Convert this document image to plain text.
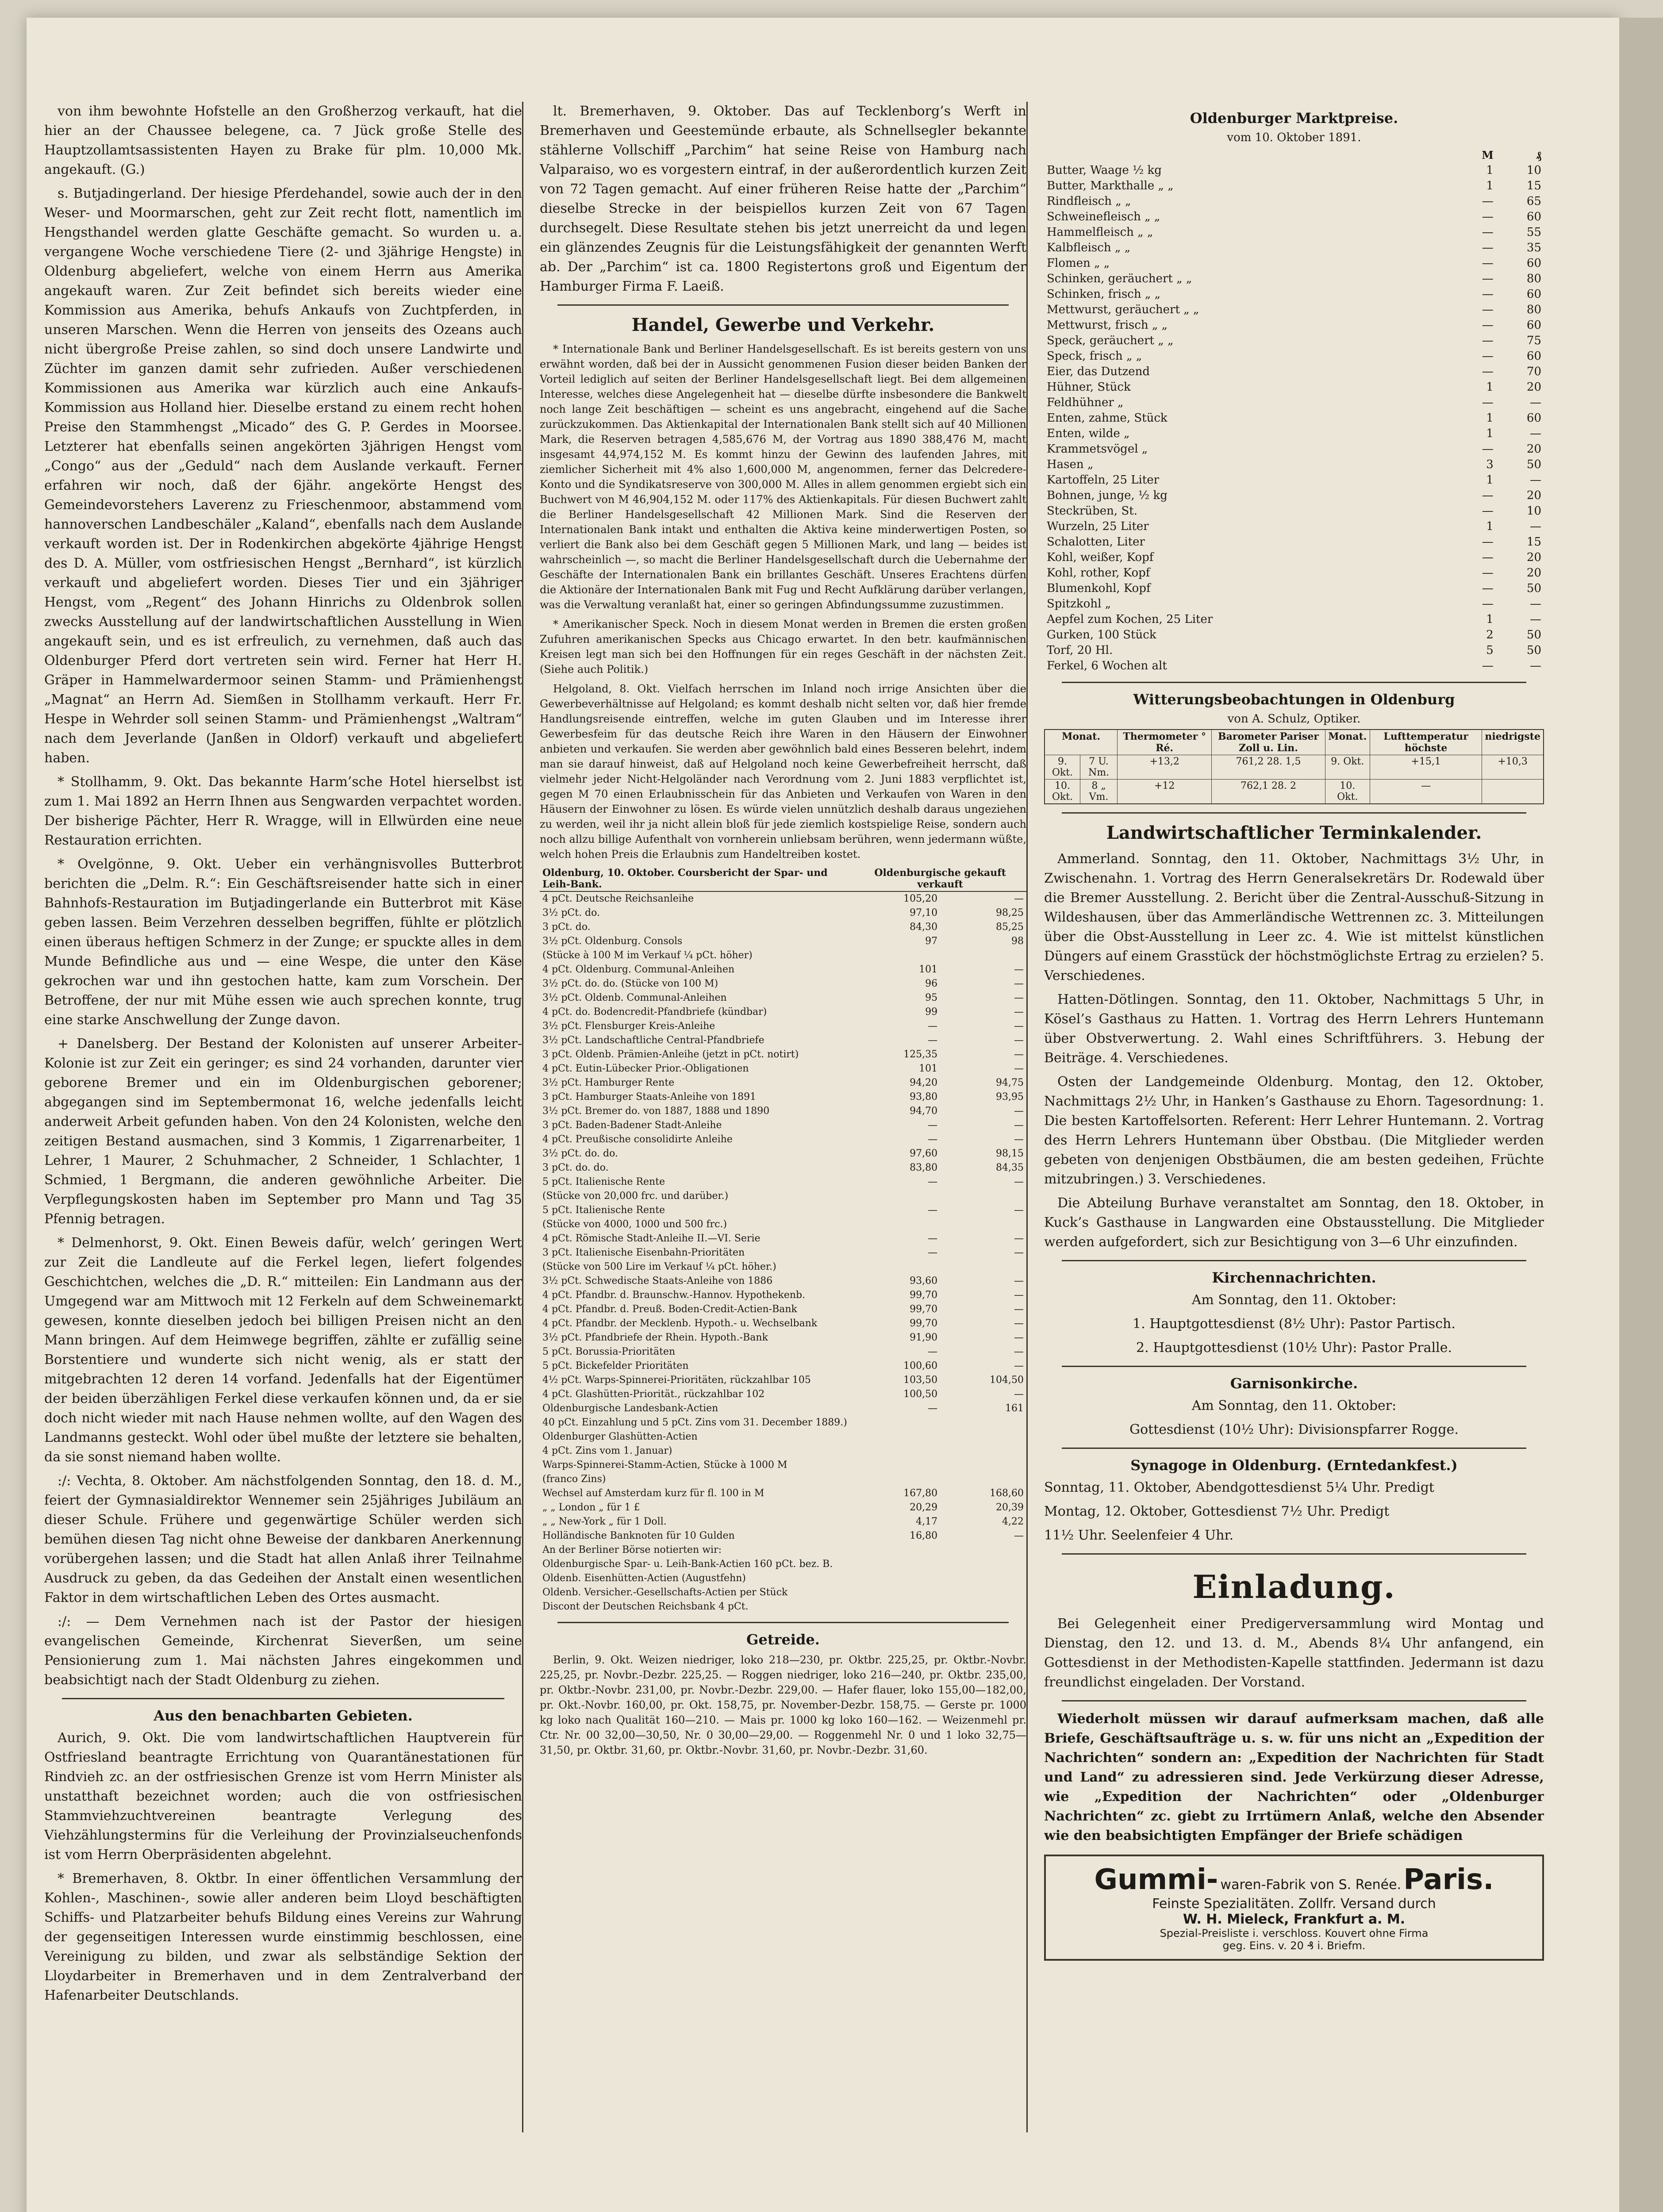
von ihm bewohnte Hofstelle an den Großherzog verkauft, hat die hier an der Chaussee belegene, ca. 7 Jück große Stelle des Hauptzollamtsassistenten Hayen zu Brake für plm. 10,000 Mk. angekauft. (G.)

s. Butjadingerland. Der hiesige Pferdehandel, sowie auch der in den Weser- und Moormarschen, geht zur Zeit recht flott, namentlich im Hengsthandel werden glatte Geschäfte gemacht. So wurden u. a. vergangene Woche verschiedene Tiere (2- und 3jährige Hengste) in Oldenburg abgeliefert, welche von einem Herrn aus Amerika angekauft waren. Zur Zeit befindet sich bereits wieder eine Kommission aus Amerika, behufs Ankaufs von Zuchtpferden, in unseren Marschen. Wenn die Herren von jenseits des Ozeans auch nicht übergroße Preise zahlen, so sind doch unsere Landwirte und Züchter im ganzen damit sehr zufrieden. Außer verschiedenen Kommissionen aus Amerika war kürzlich auch eine Ankaufs-Kommission aus Holland hier. Dieselbe erstand zu einem recht hohen Preise den Stammhengst „Micado“ des G. P. Gerdes in Moorsee. Letzterer hat ebenfalls seinen angekörten 3jährigen Hengst vom „Congo“ aus der „Geduld“ nach dem Auslande verkauft. Ferner erfahren wir noch, daß der 6jähr. angekörte Hengst des Gemeindevorstehers Laverenz zu Frieschenmoor, abstammend vom hannoverschen Landbeschäler „Kaland“, ebenfalls nach dem Auslande verkauft worden ist. Der in Rodenkirchen abgekörte 4jährige Hengst des D. A. Müller, vom ostfriesischen Hengst „Bernhard“, ist kürzlich verkauft und abgeliefert worden. Dieses Tier und ein 3jähriger Hengst, vom „Regent“ des Johann Hinrichs zu Oldenbrok sollen zwecks Ausstellung auf der landwirtschaftlichen Ausstellung in Wien angekauft sein, und es ist erfreulich, zu vernehmen, daß auch das Oldenburger Pferd dort vertreten sein wird. Ferner hat Herr H. Gräper in Hammelwardermoor seinen Stamm- und Prämienhengst „Magnat“ an Herrn Ad. Siemßen in Stollhamm verkauft. Herr Fr. Hespe in Wehrder soll seinen Stamm- und Prämienhengst „Waltram“ nach dem Jeverlande (Janßen in Oldorf) verkauft und abgeliefert haben.

* Stollhamm, 9. Okt. Das bekannte Harm’sche Hotel hierselbst ist zum 1. Mai 1892 an Herrn Ihnen aus Sengwarden verpachtet worden. Der bisherige Pächter, Herr R. Wragge, will in Ellwürden eine neue Restauration errichten.

* Ovelgönne, 9. Okt. Ueber ein verhängnisvolles Butterbrot berichten die „Delm. R.“: Ein Geschäftsreisender hatte sich in einer Bahnhofs-Restauration im Butjadingerlande ein Butterbrot mit Käse geben lassen. Beim Verzehren desselben begriffen, fühlte er plötzlich einen überaus heftigen Schmerz in der Zunge; er spuckte alles in dem Munde Befindliche aus und — eine Wespe, die unter den Käse gekrochen war und ihn gestochen hatte, kam zum Vorschein. Der Betroffene, der nur mit Mühe essen wie auch sprechen konnte, trug eine starke Anschwellung der Zunge davon.

+ Danelsberg. Der Bestand der Kolonisten auf unserer Arbeiter-Kolonie ist zur Zeit ein geringer; es sind 24 vorhanden, darunter vier geborene Bremer und ein im Oldenburgischen geborener; abgegangen sind im Septembermonat 16, welche jedenfalls leicht anderweit Arbeit gefunden haben. Von den 24 Kolonisten, welche den zeitigen Bestand ausmachen, sind 3 Kommis, 1 Zigarrenarbeiter, 1 Lehrer, 1 Maurer, 2 Schuhmacher, 2 Schneider, 1 Schlachter, 1 Schmied, 1 Bergmann, die anderen gewöhnliche Arbeiter. Die Verpflegungskosten haben im September pro Mann und Tag 35 Pfennig betragen.

* Delmenhorst, 9. Okt. Einen Beweis dafür, welch’ geringen Wert zur Zeit die Landleute auf die Ferkel legen, liefert folgendes Geschichtchen, welches die „D. R.“ mitteilen: Ein Landmann aus der Umgegend war am Mittwoch mit 12 Ferkeln auf dem Schweinemarkt gewesen, konnte dieselben jedoch bei billigen Preisen nicht an den Mann bringen. Auf dem Heimwege begriffen, zählte er zufällig seine Borstentiere und wunderte sich nicht wenig, als er statt der mitgebrachten 12 deren 14 vorfand. Jedenfalls hat der Eigentümer der beiden überzähligen Ferkel diese verkaufen können und, da er sie doch nicht wieder mit nach Hause nehmen wollte, auf den Wagen des Landmanns gesteckt. Wohl oder übel mußte der letztere sie behalten, da sie sonst niemand haben wollte.

:/: Vechta, 8. Oktober. Am nächstfolgenden Sonntag, den 18. d. M., feiert der Gymnasialdirektor Wennemer sein 25jähriges Jubiläum an dieser Schule. Frühere und gegenwärtige Schüler werden sich bemühen diesen Tag nicht ohne Beweise der dankbaren Anerkennung vorübergehen lassen; und die Stadt hat allen Anlaß ihrer Teilnahme Ausdruck zu geben, da das Gedeihen der Anstalt einen wesentlichen Faktor in dem wirtschaftlichen Leben des Ortes ausmacht.

:/: — Dem Vernehmen nach ist der Pastor der hiesigen evangelischen Gemeinde, Kirchenrat Sieverßen, um seine Pensionierung zum 1. Mai nächsten Jahres eingekommen und beabsichtigt nach der Stadt Oldenburg zu ziehen.

Aus den benachbarten Gebieten.

Aurich, 9. Okt. Die vom landwirtschaftlichen Hauptverein für Ostfriesland beantragte Errichtung von Quarantänestationen für Rindvieh zc. an der ostfriesischen Grenze ist vom Herrn Minister als unstatthaft bezeichnet worden; auch die von ostfriesischen Stammviehzuchtvereinen beantragte Verlegung des Viehzählungstermins für die Verleihung der Provinzialseuchenfonds ist vom Herrn Oberpräsidenten abgelehnt.

* Bremerhaven, 8. Oktbr. In einer öffentlichen Versammlung der Kohlen-, Maschinen-, sowie aller anderen beim Lloyd beschäftigten Schiffs- und Platzarbeiter behufs Bildung eines Vereins zur Wahrung der gegenseitigen Interessen wurde einstimmig beschlossen, eine Vereinigung zu bilden, und zwar als selbständige Sektion der Lloydarbeiter in Bremerhaven und in dem Zentralverband der Hafenarbeiter Deutschlands.

lt. Bremerhaven, 9. Oktober. Das auf Tecklenborg’s Werft in Bremerhaven und Geestemünde erbaute, als Schnellsegler bekannte stählerne Vollschiff „Parchim“ hat seine Reise von Hamburg nach Valparaiso, wo es vorgestern eintraf, in der außerordentlich kurzen Zeit von 72 Tagen gemacht. Auf einer früheren Reise hatte der „Parchim“ dieselbe Strecke in der beispiellos kurzen Zeit von 67 Tagen durchsegelt. Diese Resultate stehen bis jetzt unerreicht da und legen ein glänzendes Zeugnis für die Leistungsfähigkeit der genannten Werft ab. Der „Parchim“ ist ca. 1800 Registertons groß und Eigentum der Hamburger Firma F. Laeiß.

Handel, Gewerbe und Verkehr.

* Internationale Bank und Berliner Handelsgesellschaft. Es ist bereits gestern von uns erwähnt worden, daß bei der in Aussicht genommenen Fusion dieser beiden Banken der Vorteil lediglich auf seiten der Berliner Handelsgesellschaft liegt. Bei dem allgemeinen Interesse, welches diese Angelegenheit hat — dieselbe dürfte insbesondere die Bankwelt noch lange Zeit beschäftigen — scheint es uns angebracht, eingehend auf die Sache zurückzukommen. Das Aktienkapital der Internationalen Bank stellt sich auf 40 Millionen Mark, die Reserven betragen 4,585,676 M, der Vortrag aus 1890 388,476 M, macht insgesamt 44,974,152 M. Es kommt hinzu der Gewinn des laufenden Jahres, mit ziemlicher Sicherheit mit 4% also 1,600,000 M, angenommen, ferner das Delcredere-Konto und die Syndikatsreserve von 300,000 M. Alles in allem genommen ergiebt sich ein Buchwert von M 46,904,152 M. oder 117% des Aktienkapitals. Für diesen Buchwert zahlt die Berliner Handelsgesellschaft 42 Millionen Mark. Sind die Reserven der Internationalen Bank intakt und enthalten die Aktiva keine minderwertigen Posten, so verliert die Bank also bei dem Geschäft gegen 5 Millionen Mark, und lang — beides ist wahrscheinlich —, so macht die Berliner Handelsgesellschaft durch die Uebernahme der Geschäfte der Internationalen Bank ein brillantes Geschäft. Unseres Erachtens dürfen die Aktionäre der Internationalen Bank mit Fug und Recht Aufklärung darüber verlangen, was die Verwaltung veranlaßt hat, einer so geringen Abfindungssumme zuzustimmen.

* Amerikanischer Speck. Noch in diesem Monat werden in Bremen die ersten großen Zufuhren amerikanischen Specks aus Chicago erwartet. In den betr. kaufmännischen Kreisen legt man sich bei den Hoffnungen für ein reges Geschäft in der nächsten Zeit. (Siehe auch Politik.)

Helgoland, 8. Okt. Vielfach herrschen im Inland noch irrige Ansichten über die Gewerbeverhältnisse auf Helgoland; es kommt deshalb nicht selten vor, daß hier fremde Handlungsreisende eintreffen, welche im guten Glauben und im Interesse ihrer Gewerbesfeim für das deutsche Reich ihre Waren in den Häusern der Einwohner anbieten und verkaufen. Sie werden aber gewöhnlich bald eines Besseren belehrt, indem man sie darauf hinweist, daß auf Helgoland noch keine Gewerbefreiheit herrscht, daß vielmehr jeder Nicht-Helgoländer nach Verordnung vom 2. Juni 1883 verpflichtet ist, gegen M 70 einen Erlaubnisschein für das Anbieten und Verkaufen von Waren in den Häusern der Einwohner zu lösen. Es würde vielen unnützlich deshalb daraus ungeziehen zu werden, weil ihr ja nicht allein bloß für jede ziemlich kostspielige Reise, sondern auch noch allzu billige Aufenthalt von vornherein unliebsam berühren, wenn jedermann wüßte, welch hohen Preis die Erlaubnis zum Handeltreiben kostet.

Oldenburg, 10. Oktober. Coursbericht der Spar- und Leih-Bank.	Oldenburgische gekauft verkauft	
4 pCt. Deutsche Reichsanleihe	105,20	—
3½ pCt. do.	97,10	98,25
3 pCt. do.	84,30	85,25
3½ pCt. Oldenburg. Consols	97	98
(Stücke à 100 M im Verkauf ¼ pCt. höher)		
4 pCt. Oldenburg. Communal-Anleihen	101	—
3½ pCt. do. do. (Stücke von 100 M)	96	—
3½ pCt. Oldenb. Communal-Anleihen	95	—
4 pCt. do. Bodencredit-Pfandbriefe (kündbar)	99	—
3½ pCt. Flensburger Kreis-Anleihe	—	—
3½ pCt. Landschaftliche Central-Pfandbriefe	—	—
3 pCt. Oldenb. Prämien-Anleihe (jetzt in pCt. notirt)	125,35	—
4 pCt. Eutin-Lübecker Prior.-Obligationen	101	—
3½ pCt. Hamburger Rente	94,20	94,75
3 pCt. Hamburger Staats-Anleihe von 1891	93,80	93,95
3½ pCt. Bremer do. von 1887, 1888 und 1890	94,70	—
3 pCt. Baden-Badener Stadt-Anleihe	—	—
4 pCt. Preußische consolidirte Anleihe	—	—
3½ pCt. do. do.	97,60	98,15
3 pCt. do. do.	83,80	84,35
5 pCt. Italienische Rente	—	—
(Stücke von 20,000 frc. und darüber.)		
5 pCt. Italienische Rente	—	—
(Stücke von 4000, 1000 und 500 frc.)		
4 pCt. Römische Stadt-Anleihe II.—VI. Serie	—	—
3 pCt. Italienische Eisenbahn-Prioritäten	—	—
(Stücke von 500 Lire im Verkauf ¼ pCt. höher.)		
3½ pCt. Schwedische Staats-Anleihe von 1886	93,60	—
4 pCt. Pfandbr. d. Braunschw.-Hannov. Hypothekenb.	99,70	—
4 pCt. Pfandbr. d. Preuß. Boden-Credit-Actien-Bank	99,70	—
4 pCt. Pfandbr. der Mecklenb. Hypoth.- u. Wechselbank	99,70	—
3½ pCt. Pfandbriefe der Rhein. Hypoth.-Bank	91,90	—
5 pCt. Borussia-Prioritäten	—	—
5 pCt. Bickefelder Prioritäten	100,60	—
4½ pCt. Warps-Spinnerei-Prioritäten, rückzahlbar 105	103,50	104,50
4 pCt. Glashütten-Priorität., rückzahlbar 102	100,50	—
Oldenburgische Landesbank-Actien	—	161
40 pCt. Einzahlung und 5 pCt. Zins vom 31. December 1889.)		
Oldenburger Glashütten-Actien		
4 pCt. Zins vom 1. Januar)		
Warps-Spinnerei-Stamm-Actien, Stücke à 1000 M		
(franco Zins)		
Wechsel auf Amsterdam kurz für fl. 100 in M	167,80	168,60
„ „ London „ für 1 £	20,29	20,39
„ „ New-York „ für 1 Doll.	4,17	4,22
Holländische Banknoten für 10 Gulden	16,80	—
An der Berliner Börse notierten wir:		
Oldenburgische Spar- u. Leih-Bank-Actien 160 pCt. bez. B.		
Oldenb. Eisenhütten-Actien (Augustfehn)		
Oldenb. Versicher.-Gesellschafts-Actien per Stück		
Discont der Deutschen Reichsbank 4 pCt.		
Getreide.

Berlin, 9. Okt. Weizen niedriger, loko 218—230, pr. Oktbr. 225,25, pr. Oktbr.-Novbr. 225,25, pr. Novbr.-Dezbr. 225,25. — Roggen niedriger, loko 216—240, pr. Oktbr. 235,00, pr. Oktbr.-Novbr. 231,00, pr. Novbr.-Dezbr. 229,00. — Hafer flauer, loko 155,00—182,00, pr. Okt.-Novbr. 160,00, pr. Okt. 158,75, pr. November-Dezbr. 158,75. — Gerste pr. 1000 kg loko nach Qualität 160—210. — Mais pr. 1000 kg loko 160—162. — Weizenmehl pr. Ctr. Nr. 00 32,00—30,50, Nr. 0 30,00—29,00. — Roggenmehl Nr. 0 und 1 loko 32,75—31,50, pr. Oktbr. 31,60, pr. Oktbr.-Novbr. 31,60, pr. Novbr.-Dezbr. 31,60.

Oldenburger Marktpreise.
vom 10. Oktober 1891.
	M	₰
Butter, Waage ½ kg	1	10
Butter, Markthalle „ „	1	15
Rindfleisch „ „	—	65
Schweinefleisch „ „	—	60
Hammelfleisch „ „	—	55
Kalbfleisch „ „	—	35
Flomen „ „	—	60
Schinken, geräuchert „ „	—	80
Schinken, frisch „ „	—	60
Mettwurst, geräuchert „ „	—	80
Mettwurst, frisch „ „	—	60
Speck, geräuchert „ „	—	75
Speck, frisch „ „	—	60
Eier, das Dutzend	—	70
Hühner, Stück	1	20
Feldhühner „	—	—
Enten, zahme, Stück	1	60
Enten, wilde „	1	—
Krammetsvögel „	—	20
Hasen „	3	50
Kartoffeln, 25 Liter	1	—
Bohnen, junge, ½ kg	—	20
Steckrüben, St.	—	10
Wurzeln, 25 Liter	1	—
Schalotten, Liter	—	15
Kohl, weißer, Kopf	—	20
Kohl, rother, Kopf	—	20
Blumenkohl, Kopf	—	50
Spitzkohl „	—	—
Aepfel zum Kochen, 25 Liter	1	—
Gurken, 100 Stück	2	50
Torf, 20 Hl.	5	50
Ferkel, 6 Wochen alt	—	—
Witterungsbeobachtungen in Oldenburg
von A. Schulz, Optiker.
Monat.		Thermometer ° Ré.	Barometer Pariser Zoll u. Lin.	Monat.	Lufttemperatur höchste	niedrigste
9. Okt.	7 U. Nm.	+13,2	761,2 28. 1,5	9. Okt.	+15,1	+10,3
10. Okt.	8 „ Vm.	+12	762,1 28. 2	10. Okt.	—	
Landwirtschaftlicher Terminkalender.

Ammerland. Sonntag, den 11. Oktober, Nachmittags 3½ Uhr, in Zwischenahn. 1. Vortrag des Herrn Generalsekretärs Dr. Rodewald über die Bremer Ausstellung. 2. Bericht über die Zentral-Ausschuß-Sitzung in Wildeshausen, über das Ammerländische Wettrennen zc. 3. Mitteilungen über die Obst-Ausstellung in Leer zc. 4. Wie ist mittelst künstlichen Düngers auf einem Grasstück der höchstmöglichste Ertrag zu erzielen? 5. Verschiedenes.

Hatten-Dötlingen. Sonntag, den 11. Oktober, Nachmittags 5 Uhr, in Kösel’s Gasthaus zu Hatten. 1. Vortrag des Herrn Lehrers Huntemann über Obstverwertung. 2. Wahl eines Schriftführers. 3. Hebung der Beiträge. 4. Verschiedenes.

Osten der Landgemeinde Oldenburg. Montag, den 12. Oktober, Nachmittags 2½ Uhr, in Hanken’s Gasthause zu Ehorn. Tagesordnung: 1. Die besten Kartoffelsorten. Referent: Herr Lehrer Huntemann. 2. Vortrag des Herrn Lehrers Huntemann über Obstbau. (Die Mitglieder werden gebeten von denjenigen Obstbäumen, die am besten gedeihen, Früchte mitzubringen.) 3. Verschiedenes.

Die Abteilung Burhave veranstaltet am Sonntag, den 18. Oktober, in Kuck’s Gasthause in Langwarden eine Obstausstellung. Die Mitglieder werden aufgefordert, sich zur Besichtigung von 3—6 Uhr einzufinden.

Kirchennachrichten.

Am Sonntag, den 11. Oktober:

1. Hauptgottesdienst (8½ Uhr): Pastor Partisch.

2. Hauptgottesdienst (10½ Uhr): Pastor Pralle.

Garnisonkirche.

Am Sonntag, den 11. Oktober:

Gottesdienst (10½ Uhr): Divisionspfarrer Rogge.

Synagoge in Oldenburg. (Erntedankfest.)

Sonntag, 11. Oktober, Abendgottesdienst 5¼ Uhr. Predigt

Montag, 12. Oktober, Gottesdienst 7½ Uhr. Predigt

11½ Uhr. Seelenfeier 4 Uhr.

Einladung.

Bei Gelegenheit einer Predigerversammlung wird Montag und Dienstag, den 12. und 13. d. M., Abends 8¼ Uhr anfangend, ein Gottesdienst in der Methodisten-Kapelle stattfinden. Jedermann ist dazu freundlichst eingeladen. Der Vorstand.

Wiederholt müssen wir darauf aufmerksam machen, daß alle Briefe, Geschäftsaufträge u. s. w. für uns nicht an „Expedition der Nachrichten“ sondern an: „Expedition der Nachrichten für Stadt und Land“ zu adressieren sind. Jede Verkürzung dieser Adresse, wie „Expedition der Nachrichten“ oder „Oldenburger Nachrichten“ zc. giebt zu Irrtümern Anlaß, welche den Absender wie den beabsichtigten Empfänger der Briefe schädigen

Gummi- waren-Fabrik von S. Renée. Paris.
Feinste Spezialitäten. Zollfr. Versand durch
W. H. Mieleck, Frankfurt a. M.
Spezial-Preisliste i. verschloss. Kouvert ohne Firma
geg. Eins. v. 20 ₰ i. Briefm.
